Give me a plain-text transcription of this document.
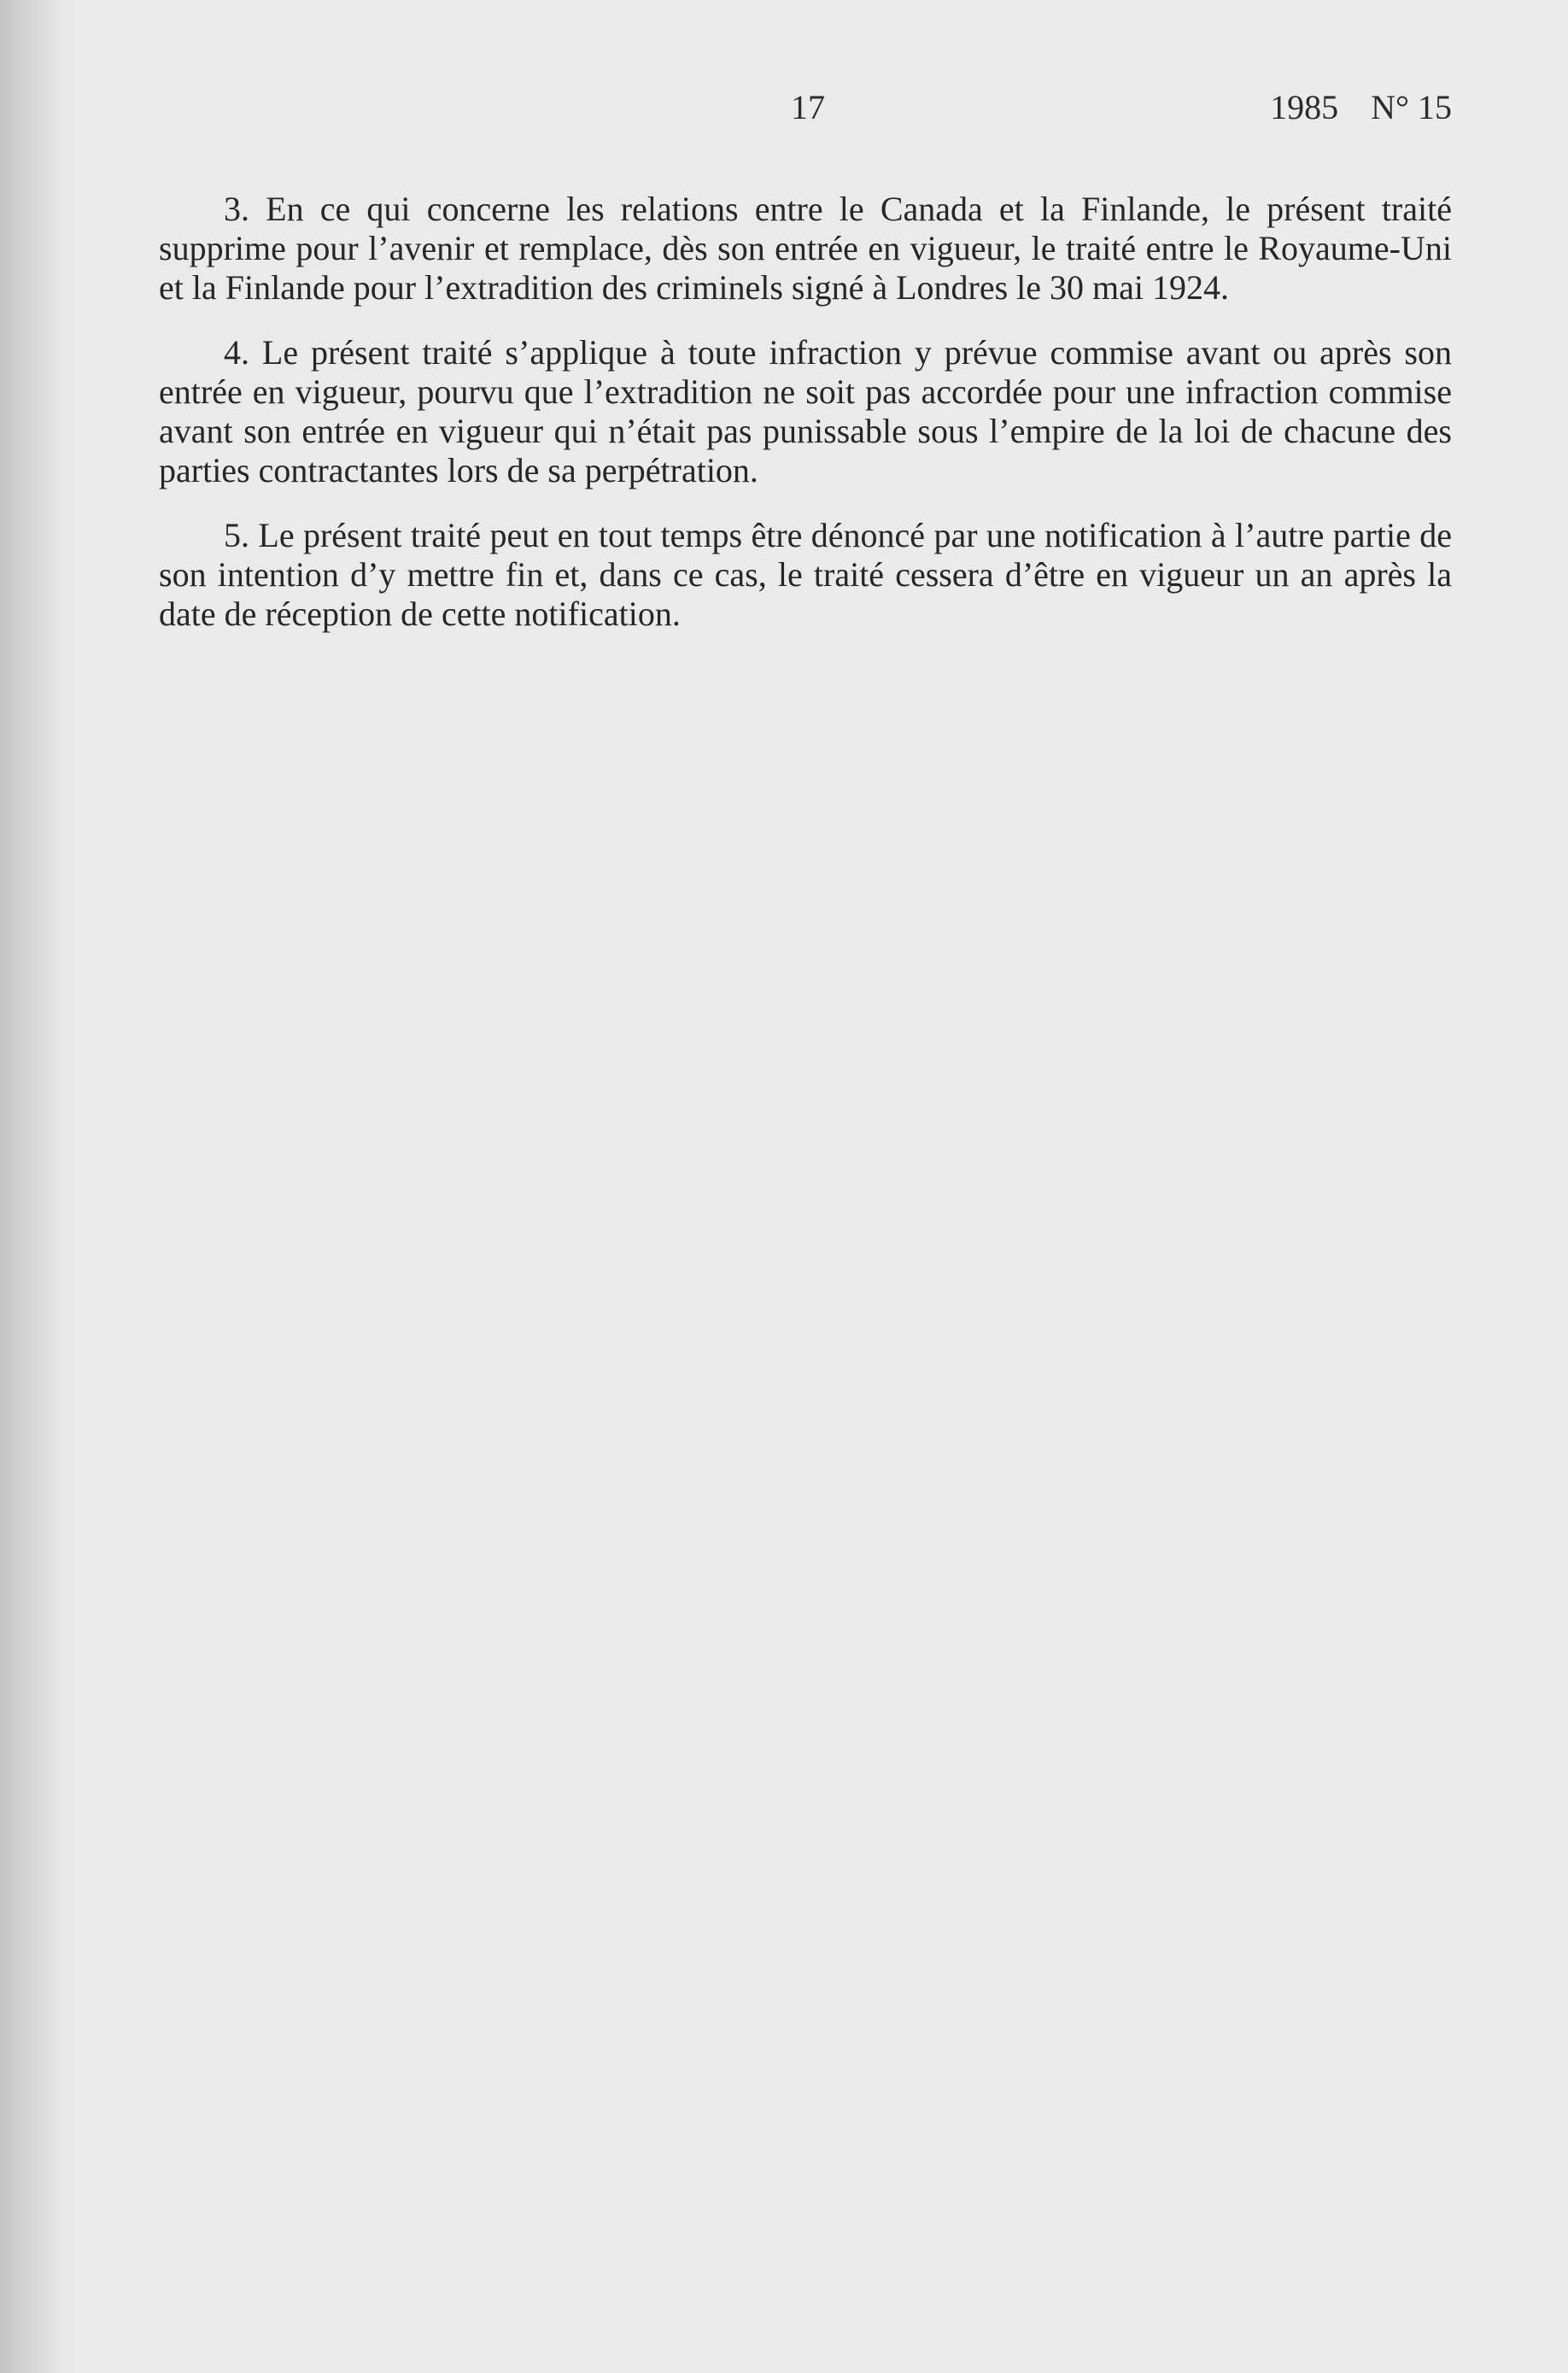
17	1985 N° 15

3. En ce qui concerne les relations entre le Canada et la Finlande, le présent traité supprime pour l’avenir et remplace, dès son entrée en vigueur, le traité entre le Royaume-Uni et la Finlande pour l’extradition des criminels signé à Londres le 30 mai 1924.

4. Le présent traité s’applique à toute infraction y prévue commise avant ou après son entrée en vigueur, pourvu que l’extradition ne soit pas accordée pour une infraction commise avant son entrée en vigueur qui n’était pas punissable sous l’empire de la loi de chacune des parties contractantes lors de sa perpétration.

5. Le présent traité peut en tout temps être dénoncé par une notification à l’autre partie de son intention d’y mettre fin et, dans ce cas, le traité cessera d’être en vigueur un an après la date de réception de cette notification.
